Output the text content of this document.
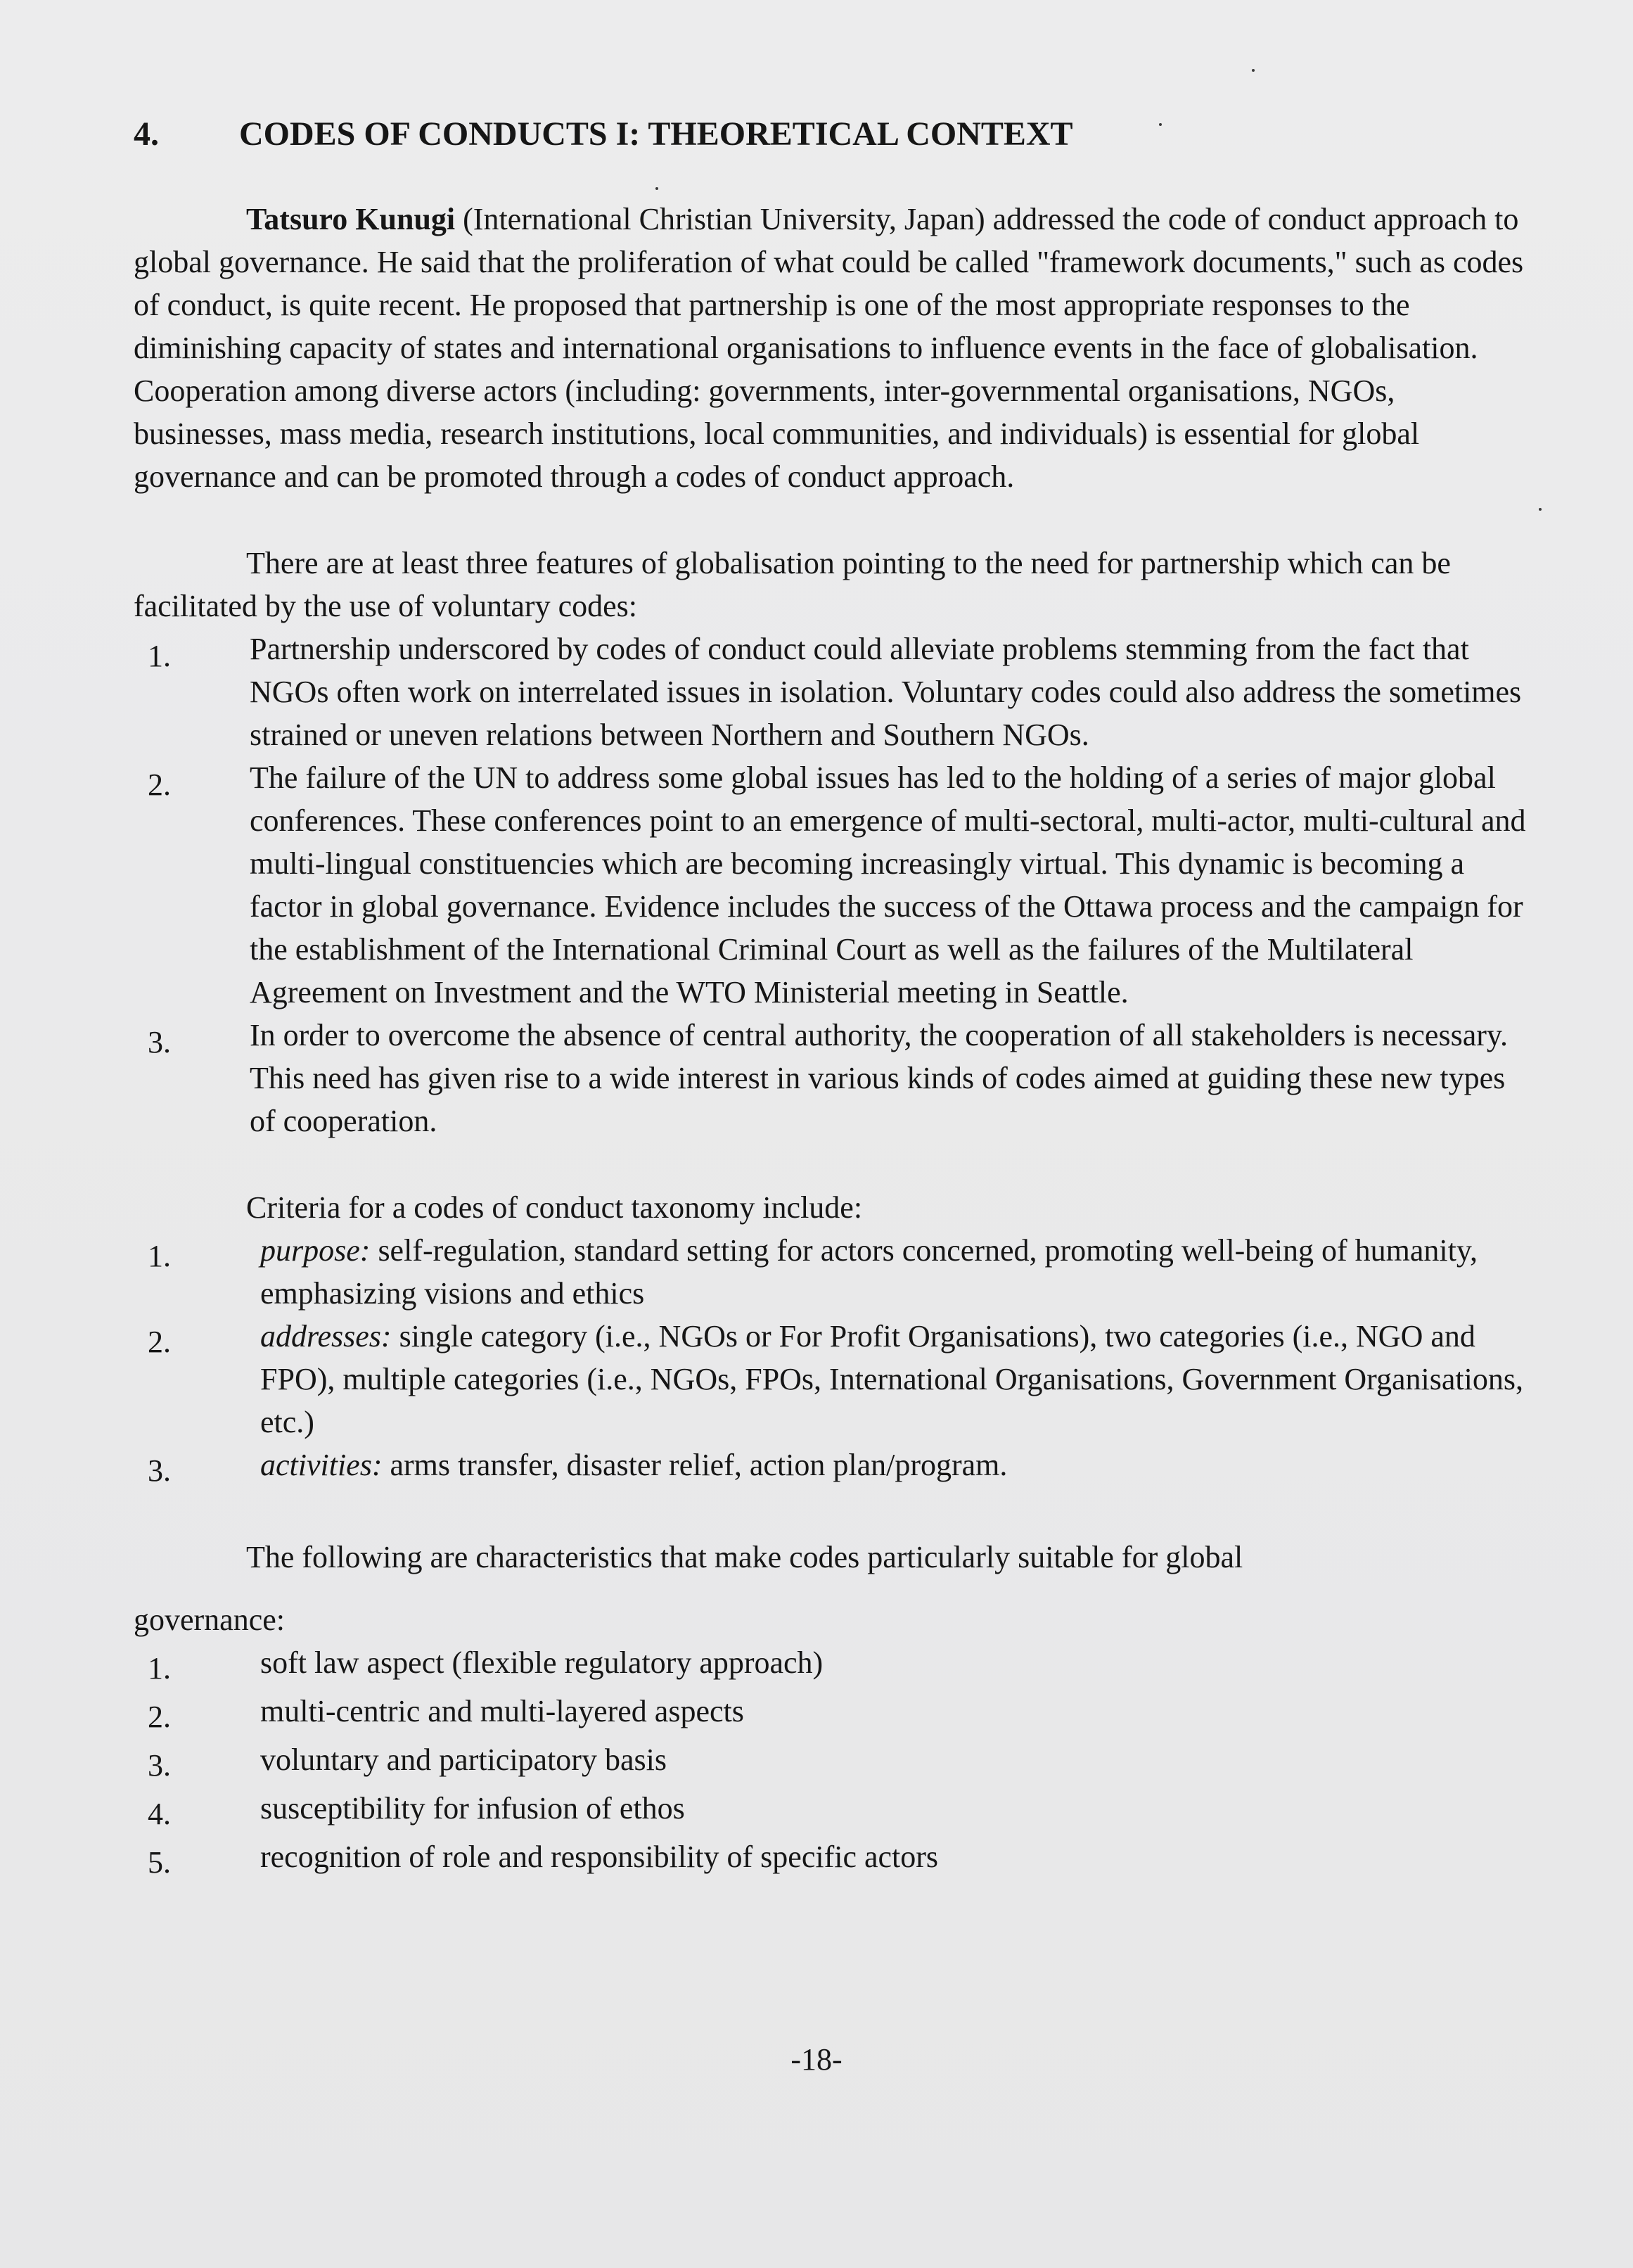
4.	CODES OF CONDUCTS I: THEORETICAL CONTEXT

Tatsuro Kunugi (International Christian University, Japan) addressed the code of conduct approach to global governance. He said that the proliferation of what could be called "framework documents," such as codes of conduct, is quite recent. He proposed that partnership is one of the most appropriate responses to the diminishing capacity of states and international organisations to influence events in the face of globalisation. Cooperation among diverse actors (including: governments, inter-governmental organisations, NGOs, businesses, mass media, research institutions, local communities, and individuals) is essential for global governance and can be promoted through a codes of conduct approach.

There are at least three features of globalisation pointing to the need for partnership which can be facilitated by the use of voluntary codes:

1.	Partnership underscored by codes of conduct could alleviate problems stemming from the fact that NGOs often work on interrelated issues in isolation. Voluntary codes could also address the sometimes strained or uneven relations between Northern and Southern NGOs.
2.	The failure of the UN to address some global issues has led to the holding of a series of major global conferences. These conferences point to an emergence of multi-sectoral, multi-actor, multi-cultural and multi-lingual constituencies which are becoming increasingly virtual. This dynamic is becoming a factor in global governance. Evidence includes the success of the Ottawa process and the campaign for the establishment of the International Criminal Court as well as the failures of the Multilateral Agreement on Investment and the WTO Ministerial meeting in Seattle.
3.	In order to overcome the absence of central authority, the cooperation of all stakeholders is necessary. This need has given rise to a wide interest in various kinds of codes aimed at guiding these new types of cooperation.

Criteria for a codes of conduct taxonomy include:

1.	purpose: self-regulation, standard setting for actors concerned, promoting well-being of humanity, emphasizing visions and ethics
2.	addresses: single category (i.e., NGOs or For Profit Organisations), two categories (i.e., NGO and FPO), multiple categories (i.e., NGOs, FPOs, International Organisations, Government Organisations, etc.)
3.	activities: arms transfer, disaster relief, action plan/program.

The following are characteristics that make codes particularly suitable for global

governance:

1.	soft law aspect (flexible regulatory approach)
2.	multi-centric and multi-layered aspects
3.	voluntary and participatory basis
4.	susceptibility for infusion of ethos
5.	recognition of role and responsibility of specific actors
-18-
